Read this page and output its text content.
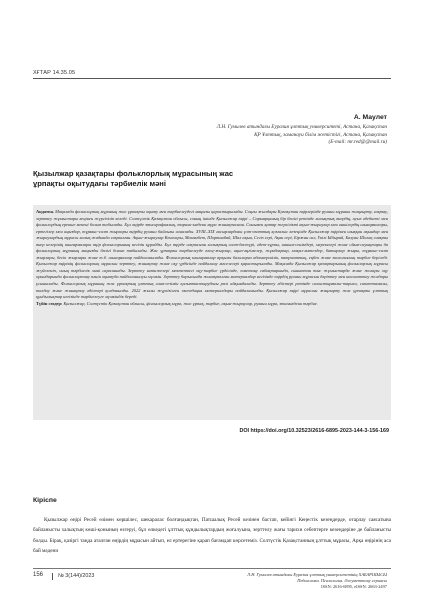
ХҒТАР 14.35.05
А. Маулет
Л.Н. Гумилев атындағы Еуразия ұлттық университеті, Астана, Қазақстан
ҚР Ұлттық, заманауи білім жетістігі, Астана, Қазақстан
(E-mail: mr.red@@mail.ru)
Қызылжар қазақтары фольклорлық мұрасының жас
ұрпақты оқытудағы тәрбиелік мәні

Аңдатпа. Мақалада фольклорлық мұраның жас ұрпақты оқыту мен тәрбиелеудегі маңызы қарастырылады. Соңғы жылдары Қазақстан өңірлерінде рухани мұраны жаңғырту, сақтау, зерттеу жұмыстары кеңінен жүргізіліп келеді. Солтүстік Қазақстан облысы, соның ішінде Қызылжар өңірі – Сарыарқаның бір бөлігі ретінде халықтық өнердің, ауыз әдебиеті мен фольклордың ерекше мекені болып табылады. Бұл өңірде этнографиялық, тарихи-мәдени мұра жинақталған. Сонымен қатар жергілікті ақын-жыраулар мен әншілердің шығармалары, ертегілер мен аңыздар, тұрмыс-салт жырлары өңірдің рухани байлығы саналады. XVIII–XIX ғасырлардағы ұлт-азаттық қозғалыс кезеңінде Қызылжар өңірінен шыққан ақындар мен жыраулардың мұрасы халық жадында сақталған. Ақын-жыраулар Кенесары, Махамбет, Шортанбай, Шал ақын, Сегіз сері, Ақан сері, Біржан сал, Үкілі Ыбырай, Балуан Шолақ сияқты өнер иелерінің шығармалары өңір фольклорының негізін құрайды. Бұл өңірде сақталған халықтың салт-дәстүрі, әдет-ғұрпы, наным-сенімдері, мерекелері және ойын-сауықтары да фольклорлық мұраның маңызды бөлігі болып табылады. Жас ұрпақты тәрбиелеуде өлең-жырлар, аңыз-әңгімелер, жұмбақтар, мақал-мәтелдер, батырлар жыры, тұрмыс-салт жырлары, бесік жырлары және т.б. шығармалар пайдаланылады. Фольклорлық шығармалар арқылы балаларға адамгершілік, патриоттық, еңбек және экологиялық тәрбие беріледі. Қызылжар өңірінің фольклорлық мұрасын зерттеу, жинақтау және оқу үрдісінде пайдалану мәселелері қарастырылады. Мақалада Қызылжар қазақтарының фольклорлық мұрасы жүйеленіп, оның тәрбиелік мәні сараланады. Зерттеу нәтижелері мектептегі оқу-тәрбие үрдісінде, өлкетану сабақтарында, сыныптан тыс жұмыстарда және жоғары оқу орындарында фольклортану пәнін оқытуда пайдаланылуы мүмкін. Зерттеу барысында жинақталған материалдар негізінде өңірдің рухани мұрасын дәріптеу мен насихаттау жолдары ұсынылады. Фольклорлық мұраның жас ұрпақтың ұлттық сана-сезімін қалыптастырудағы рөлі айқындалады. Зерттеу әдістері ретінде салыстырмалы-тарихи, сипаттамалы, талдау және жинақтау әдістері қолданылды. 2022 жылы жүргізілген экспедиция материалдары пайдаланылды. Қызылжар өңірі мұрасын жаңғырту жас ұрпақты ұлттық құндылықтар негізінде тәрбиелеуге мүмкіндік береді.

Түйін сөздер: Қызылжар, Солтүстік Қазақстан облысы, фольклорлық мұра, жас ұрпақ, тәрбие, ақын-жыраулар, рухани мұра, этномәдени тәрбие.

DOI https://doi.org/10.32523/2616-6895-2023-144-3-156-169
Кіріспе

Қызылжар өңірі Ресей өзімен көршілес, шекаралас болғандықтан, Патшалық Ресей кезінен бастап, кейінгі Кеңестік кезеңдерде, отарлау саясатына байланысты халықтың көші-қонының өзгеруі, бұл өлкедегі ұлттық құндылықтардың жоғалуына, зерттелу жағы тарихи себептерге кезеңдеріне де байланысты болды. Бірақ, қазіргі таңда аталған өңірдің мұрасын айтып, ел ертерегіне қарап бағамдап көрсетеміз. Солтүстік Қазақстанның ұлттық мұрасы, Арқа өңірінің аса бай мәдени

156	№ 3(144)/2023	Л.Н. Гумилев атындағы Еуразия ұлттық университетінің ХАБАРШЫСЫ
Педагогика. Психология. Әлеуметтану сериясы
ISSN: 2616-6895, eISSN: 2663-2497
